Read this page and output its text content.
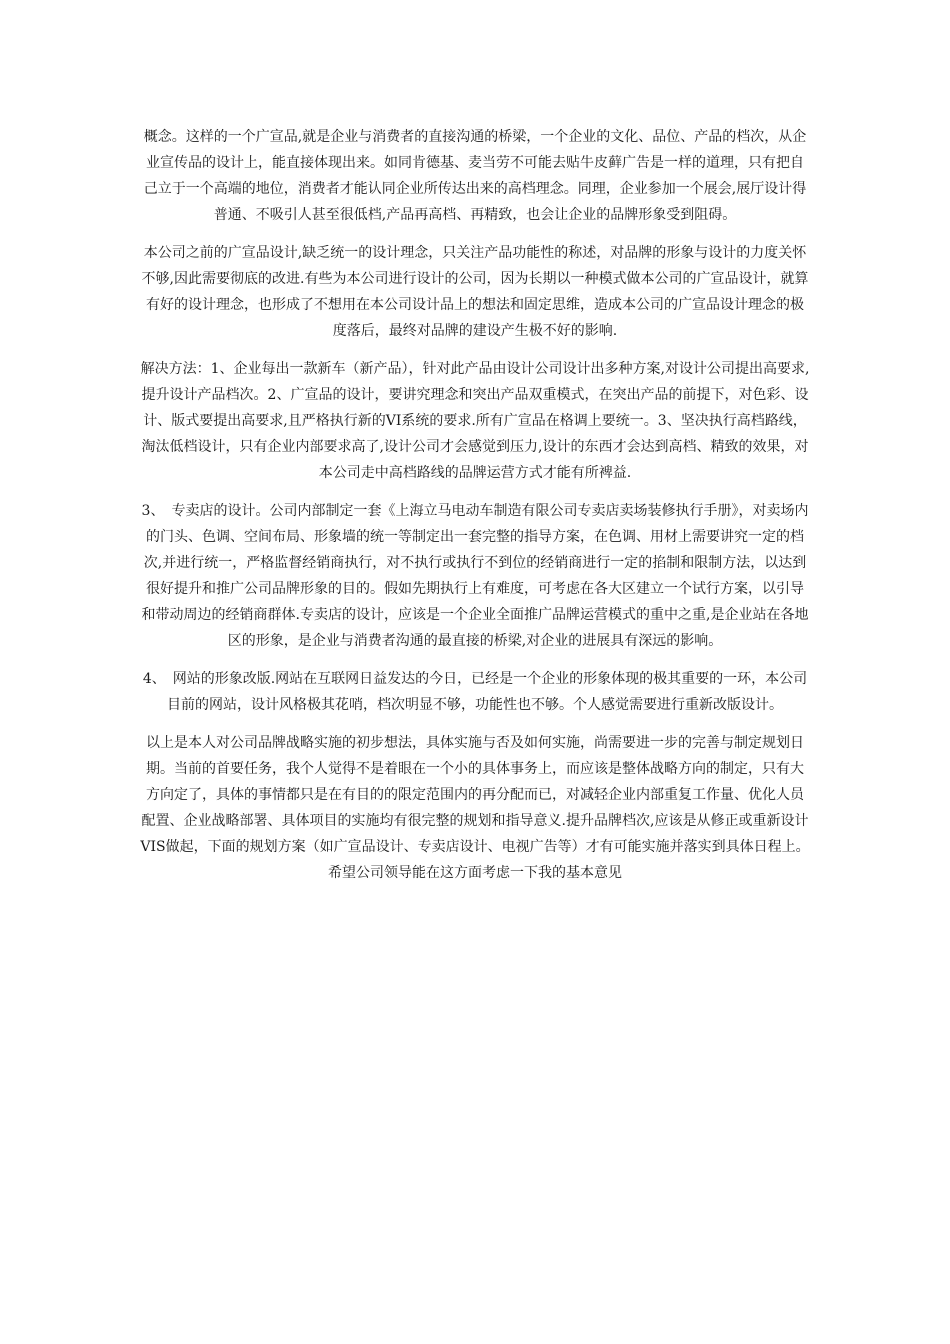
概念。这样的一个广宣品,就是企业与消费者的直接沟通的桥梁，一个企业的文化、品位、产品的档次，从企业宣传品的设计上，能直接体现出来。如同肯德基、麦当劳不可能去贴牛皮藓广告是一样的道理，只有把自己立于一个高端的地位，消费者才能认同企业所传达出来的高档理念。同理，企业参加一个展会,展厅设计得普通、不吸引人甚至很低档,产品再高档、再精致，也会让企业的品牌形象受到阻碍。

本公司之前的广宣品设计,缺乏统一的设计理念，只关注产品功能性的称述，对品牌的形象与设计的力度关怀不够,因此需要彻底的改进.有些为本公司进行设计的公司，因为长期以一种模式做本公司的广宣品设计，就算有好的设计理念，也形成了不想用在本公司设计品上的想法和固定思维，造成本公司的广宣品设计理念的极度落后，最终对品牌的建设产生极不好的影响.

解决方法：1、企业每出一款新车（新产品），针对此产品由设计公司设计出多种方案,对设计公司提出高要求,提升设计产品档次。2、广宣品的设计，要讲究理念和突出产品双重模式，在突出产品的前提下，对色彩、设计、版式要提出高要求,且严格执行新的VI系统的要求.所有广宣品在格调上要统一。3、坚决执行高档路线，淘汰低档设计，只有企业内部要求高了,设计公司才会感觉到压力,设计的东西才会达到高档、精致的效果，对本公司走中高档路线的品牌运营方式才能有所裨益.

3、　专卖店的设计。公司内部制定一套《上海立马电动车制造有限公司专卖店卖场装修执行手册》，对卖场内的门头、色调、空间布局、形象墙的统一等制定出一套完整的指导方案，在色调、用材上需要讲究一定的档次,并进行统一，严格监督经销商执行，对不执行或执行不到位的经销商进行一定的掐制和限制方法，以达到很好提升和推广公司品牌形象的目的。假如先期执行上有难度，可考虑在各大区建立一个试行方案，以引导和带动周边的经销商群体.专卖店的设计，应该是一个企业全面推广品牌运营模式的重中之重,是企业站在各地区的形象，是企业与消费者沟通的最直接的桥梁,对企业的进展具有深远的影响。

4、　网站的形象改版.网站在互联网日益发达的今日，已经是一个企业的形象体现的极其重要的一环，本公司目前的网站，设计风格极其花哨，档次明显不够，功能性也不够。个人感觉需要进行重新改版设计。

以上是本人对公司品牌战略实施的初步想法，具体实施与否及如何实施，尚需要进一步的完善与制定规划日期。当前的首要任务，我个人觉得不是着眼在一个小的具体事务上，而应该是整体战略方向的制定，只有大方向定了，具体的事情都只是在有目的的限定范围内的再分配而已，对减轻企业内部重复工作量、优化人员配置、企业战略部署、具体项目的实施均有很完整的规划和指导意义.提升品牌档次,应该是从修正或重新设计VIS做起，下面的规划方案（如广宣品设计、专卖店设计、电视广告等）才有可能实施并落实到具体日程上。希望公司领导能在这方面考虑一下我的基本意见
